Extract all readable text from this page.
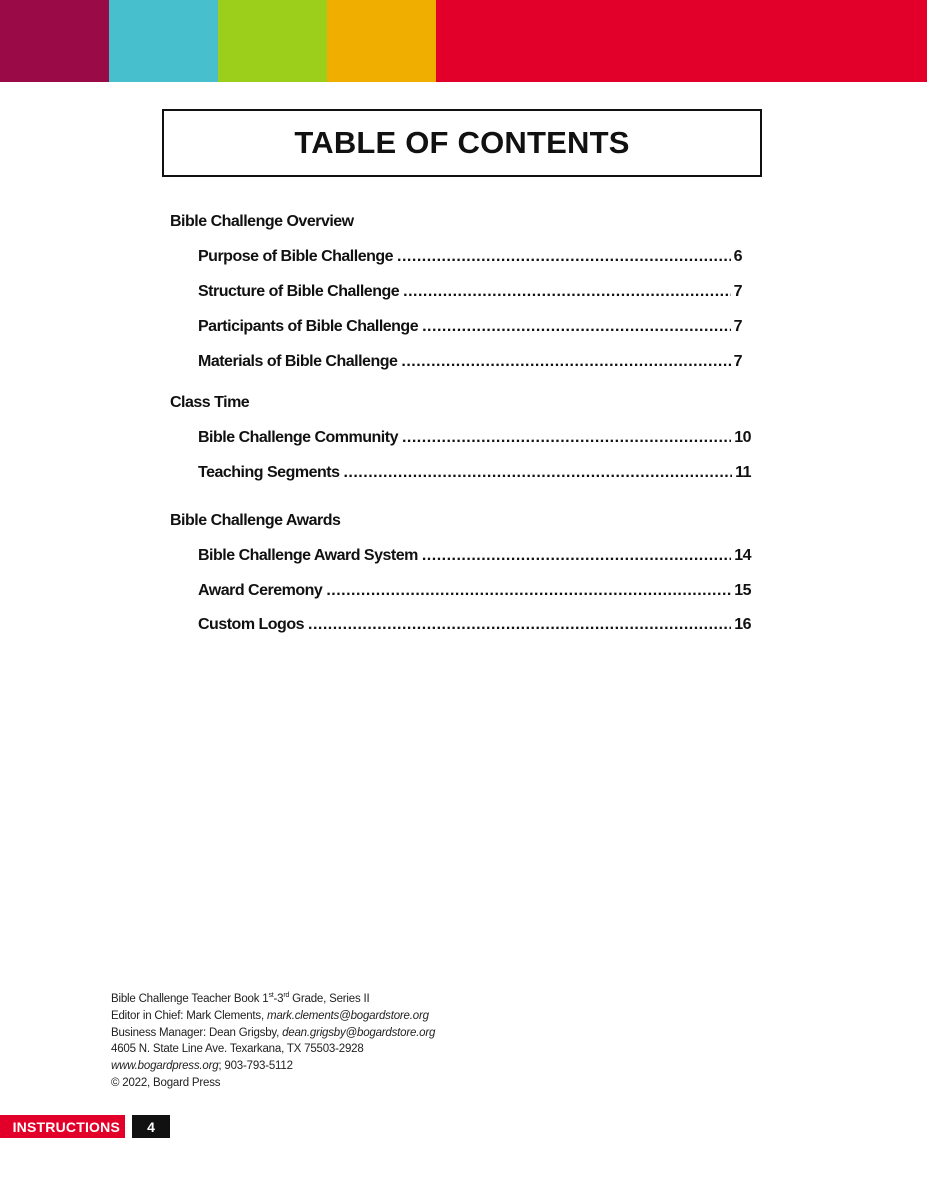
TABLE OF CONTENTS
Bible Challenge Overview
Purpose of Bible Challenge .....	6
Structure of Bible Challenge .....	7
Participants of Bible Challenge .....	7
Materials of Bible Challenge .....	7
Class Time
Bible Challenge Community .....	10
Teaching Segments .....	11
Bible Challenge Awards
Bible Challenge Award System .....	14
Award Ceremony .....	15
Custom Logos .....	16
Bible Challenge Teacher Book 1st-3rd Grade, Series II
Editor in Chief: Mark Clements, mark.clements@bogardstore.org
Business Manager: Dean Grigsby, dean.grigsby@bogardstore.org
4605 N. State Line Ave. Texarkana, TX 75503-2928
www.bogardpress.org; 903-793-5112
© 2022, Bogard Press
INSTRUCTIONS 4
